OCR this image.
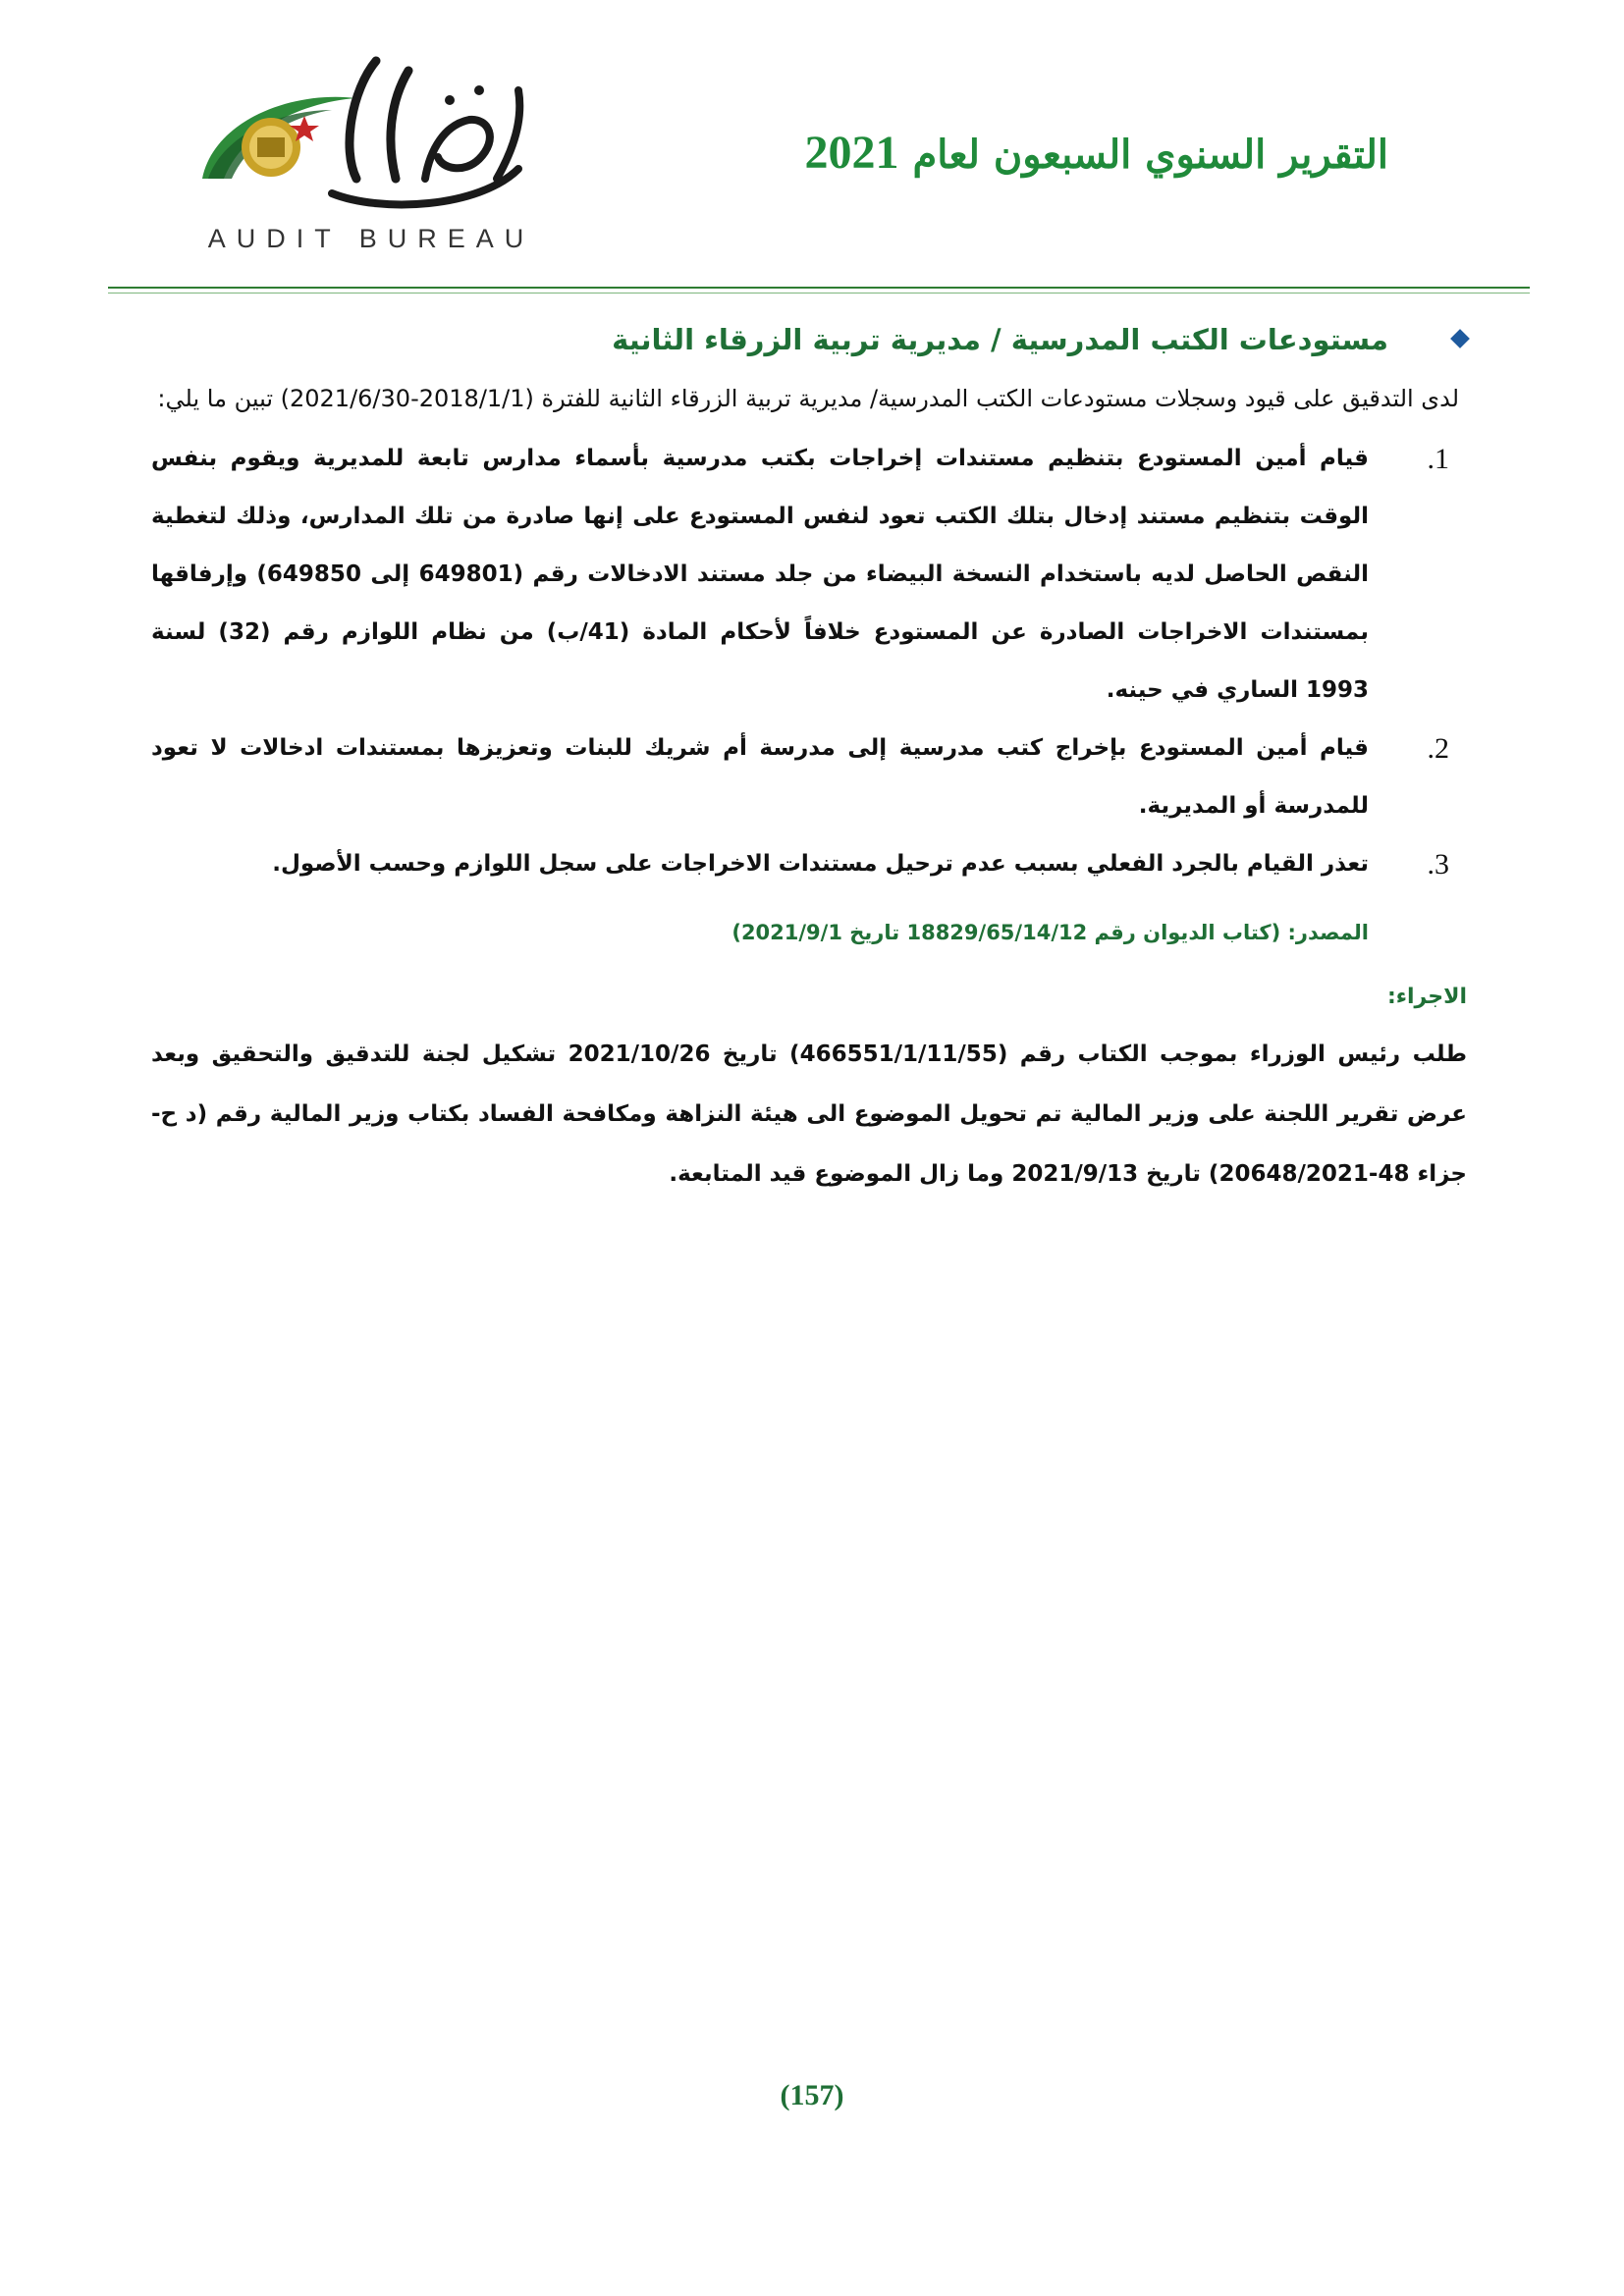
AUDIT BUREAU
التقرير السنوي السبعون لعام 2021
مستودعات الكتب المدرسية / مديرية تربية الزرقاء الثانية

لدى التدقيق على قيود وسجلات مستودعات الكتب المدرسية/ مديرية تربية الزرقاء الثانية للفترة (2018/1/1-2021/6/30) تبين ما يلي:

1.
قيام أمين المستودع بتنظيم مستندات إخراجات بكتب مدرسية بأسماء مدارس تابعة للمديرية ويقوم بنفس الوقت بتنظيم مستند إدخال بتلك الكتب تعود لنفس المستودع على إنها صادرة من تلك المدارس، وذلك لتغطية النقص الحاصل لديه باستخدام النسخة البيضاء من جلد مستند الادخالات رقم (649801 إلى 649850) وإرفاقها بمستندات الاخراجات الصادرة عن المستودع خلافاً لأحكام المادة (41/ب) من نظام اللوازم رقم (32) لسنة 1993 الساري في حينه.
2.
قيام أمين المستودع بإخراج كتب مدرسية إلى مدرسة أم شريك للبنات وتعزيزها بمستندات ادخالات لا تعود للمدرسة أو المديرية.
3.
تعذر القيام بالجرد الفعلي بسبب عدم ترحيل مستندات الاخراجات على سجل اللوازم وحسب الأصول.

المصدر: (كتاب الديوان رقم 18829/65/14/12 تاريخ 2021/9/1)

الاجراء:

طلب رئيس الوزراء بموجب الكتاب رقم (466551/1/11/55) تاريخ 2021/10/26 تشكيل لجنة للتدقيق والتحقيق وبعد عرض تقرير اللجنة على وزير المالية تم تحويل الموضوع الى هيئة النزاهة ومكافحة الفساد بكتاب وزير المالية رقم (د ح-جزاء 48-20648/2021) تاريخ 2021/9/13 وما زال الموضوع قيد المتابعة.

(157)
